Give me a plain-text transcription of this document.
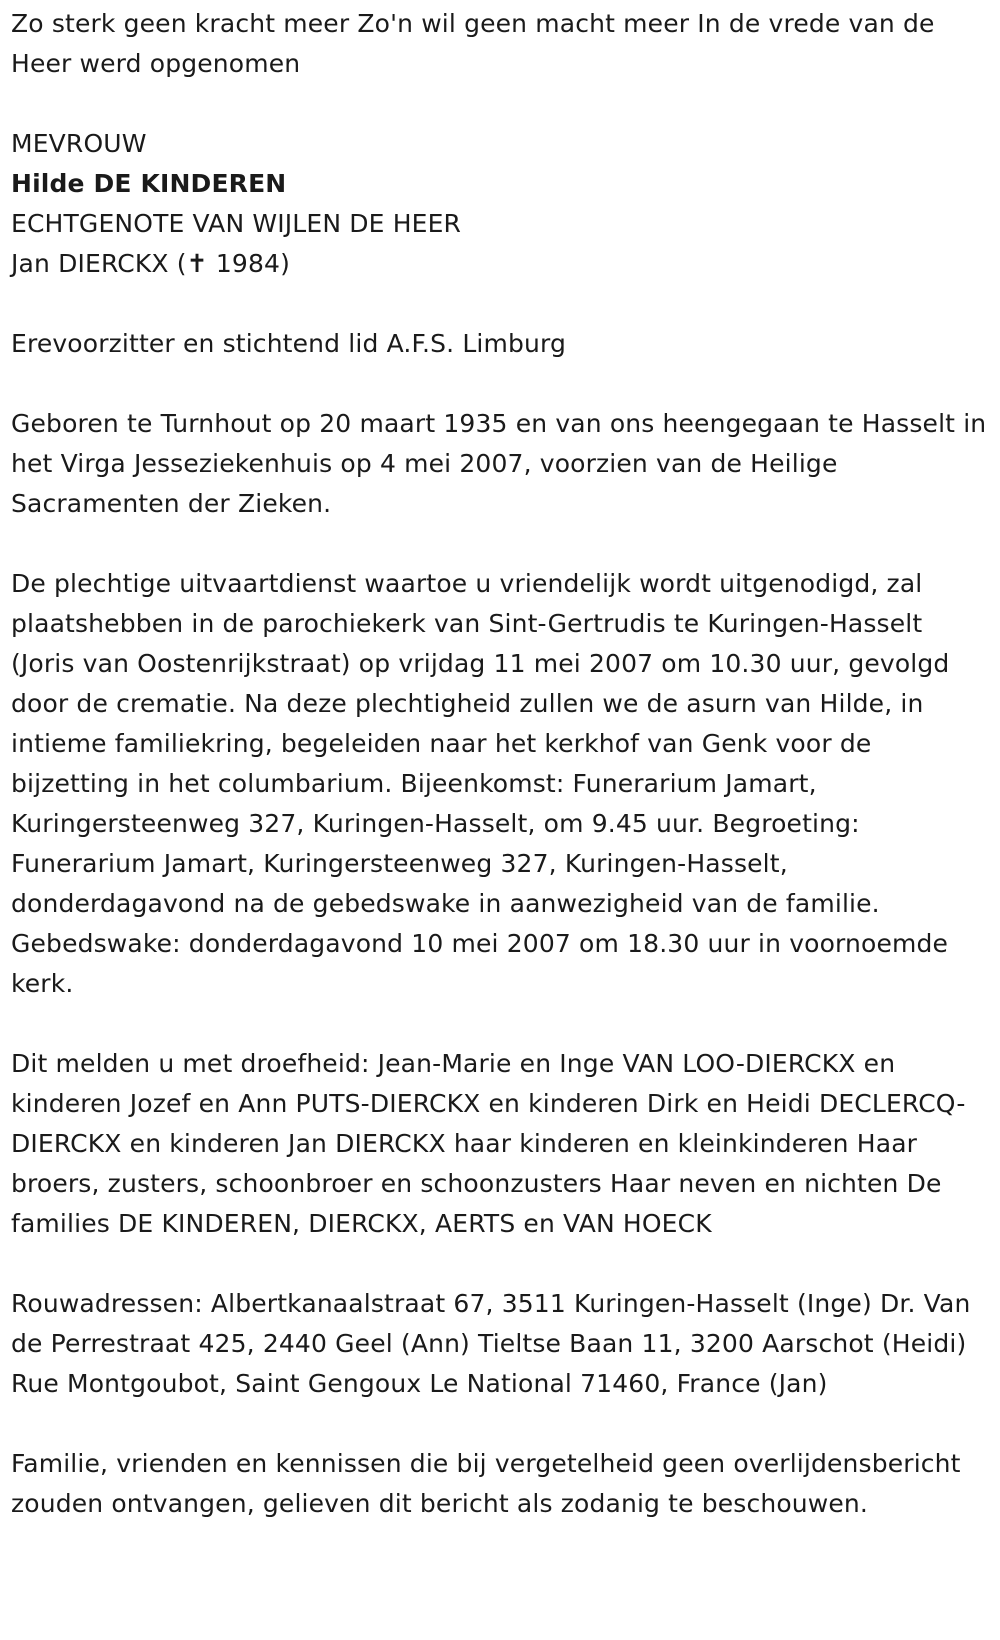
Zo sterk geen kracht meer Zo'n wil geen macht meer In de vrede van de Heer werd opgenomen

MEVROUW

Hilde DE KINDEREN

ECHTGENOTE VAN WIJLEN DE HEER

Jan DIERCKX (✝ 1984)

Erevoorzitter en stichtend lid A.F.S. Limburg

Geboren te Turnhout op 20 maart 1935 en van ons heengegaan te Hasselt in het Virga Jesseziekenhuis op 4 mei 2007, voorzien van de Heilige Sacramenten der Zieken.

De plechtige uitvaartdienst waartoe u vriendelijk wordt uitgenodigd, zal plaatshebben in de parochiekerk van Sint-Gertrudis te Kuringen-Hasselt (Joris van Oostenrijkstraat) op vrijdag 11 mei 2007 om 10.30 uur, gevolgd door de crematie. Na deze plechtigheid zullen we de asurn van Hilde, in intieme familiekring, begeleiden naar het kerkhof van Genk voor de bijzetting in het columbarium. Bijeenkomst: Funerarium Jamart, Kuringersteenweg 327, Kuringen-Hasselt, om 9.45 uur. Begroeting: Funerarium Jamart, Kuringersteenweg 327, Kuringen-Hasselt, donderdagavond na de gebedswake in aanwezigheid van de familie. Gebedswake: donderdagavond 10 mei 2007 om 18.30 uur in voornoemde kerk.

Dit melden u met droefheid: Jean-Marie en Inge VAN LOO-DIERCKX en kinderen Jozef en Ann PUTS-DIERCKX en kinderen Dirk en Heidi DECLERCQ-DIERCKX en kinderen Jan DIERCKX haar kinderen en kleinkinderen Haar broers, zusters, schoonbroer en schoonzusters Haar neven en nichten De families DE KINDEREN, DIERCKX, AERTS en VAN HOECK

Rouwadressen: Albertkanaalstraat 67, 3511 Kuringen-Hasselt (Inge) Dr. Van de Perrestraat 425, 2440 Geel (Ann) Tieltse Baan 11, 3200 Aarschot (Heidi) Rue Montgoubot, Saint Gengoux Le National 71460, France (Jan)

Familie, vrienden en kennissen die bij vergetelheid geen overlijdensbericht zouden ontvangen, gelieven dit bericht als zodanig te beschouwen.
